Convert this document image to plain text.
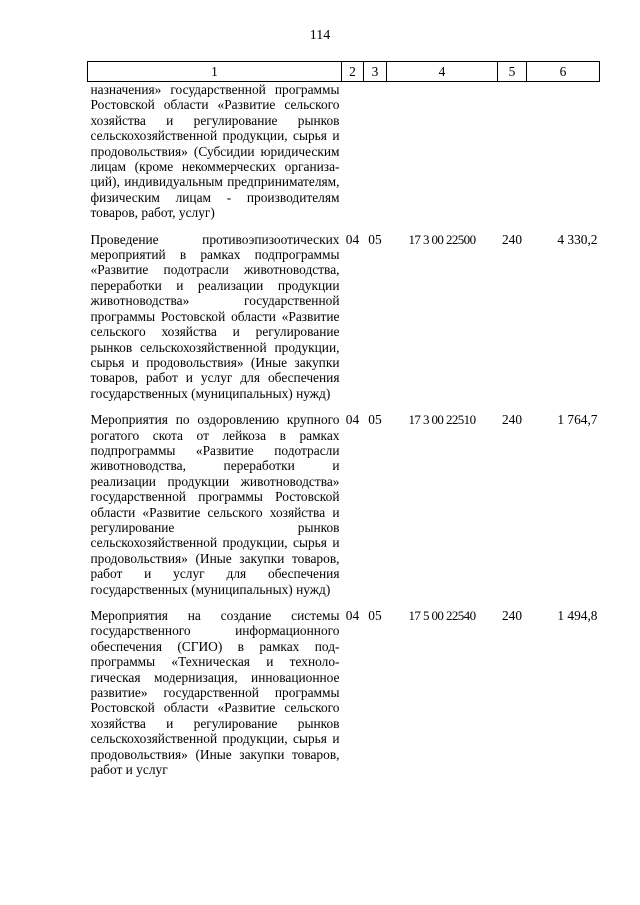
114
1	2	3	4	5	6
назначения» государственной программы Ростовской области «Развитие сельского хозяйства и регулирование рынков сельскохозяйственной продукции, сырья и продовольствия» (Субсидии юридическим лицам (кроме некоммерческих организаций), индивидуальным предпринимателям, физическим лицам - производителям товаров, работ, услуг)					
Проведение противоэпизоотических мероприятий в рамках подпрограммы «Развитие подотрасли животноводства, переработки и реализации продукции животноводства» государственной программы Ростовской области «Развитие сельского хозяйства и регулирование рынков сельскохозяйственной продукции, сырья и продовольствия» (Иные закупки товаров, работ и услуг для обеспечения государственных (муниципальных) нужд)	04	05	17 3 00 22500	240	4 330,2
Мероприятия по оздоровлению крупного рогатого скота от лейкоза в рамках подпрограммы «Развитие подотрасли животноводства, переработки и реализации продукции животноводства» государственной программы Ростовской области «Развитие сельского хозяйства и регулирование рынков сельскохозяйственной продукции, сырья и продовольствия» (Иные закупки товаров, работ и услуг для обеспечения государственных (муниципальных) нужд)	04	05	17 3 00 22510	240	1 764,7
Мероприятия на создание системы государственного информационного обеспечения (СГИО) в рамках подпрограммы «Техническая и технологическая модернизация, инновационное развитие» государственной программы Ростовской области «Развитие сельского хозяйства и регулирование рынков сельскохозяйственной продукции, сырья и продовольствия» (Иные закупки товаров, работ и услуг	04	05	17 5 00 22540	240	1 494,8
